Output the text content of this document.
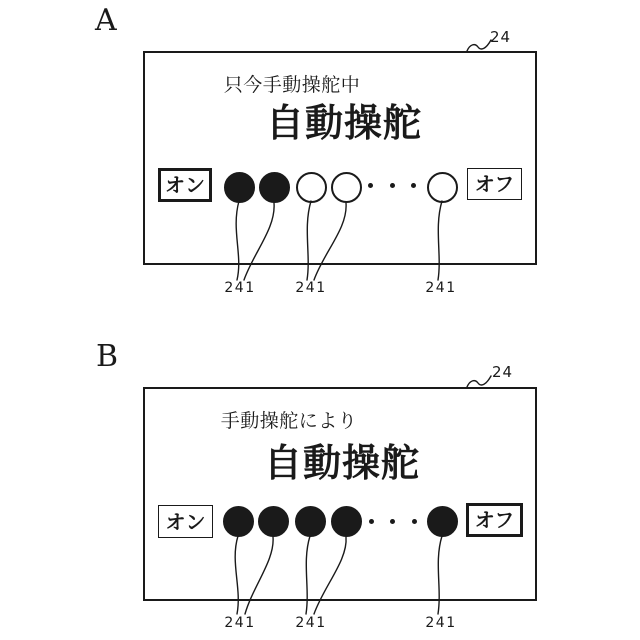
A	24
只今手動操舵中
自動操舵
オン	オフ
241	241	241
B	24
手動操舵により
自動操舵
オン	オフ
241	241	241
